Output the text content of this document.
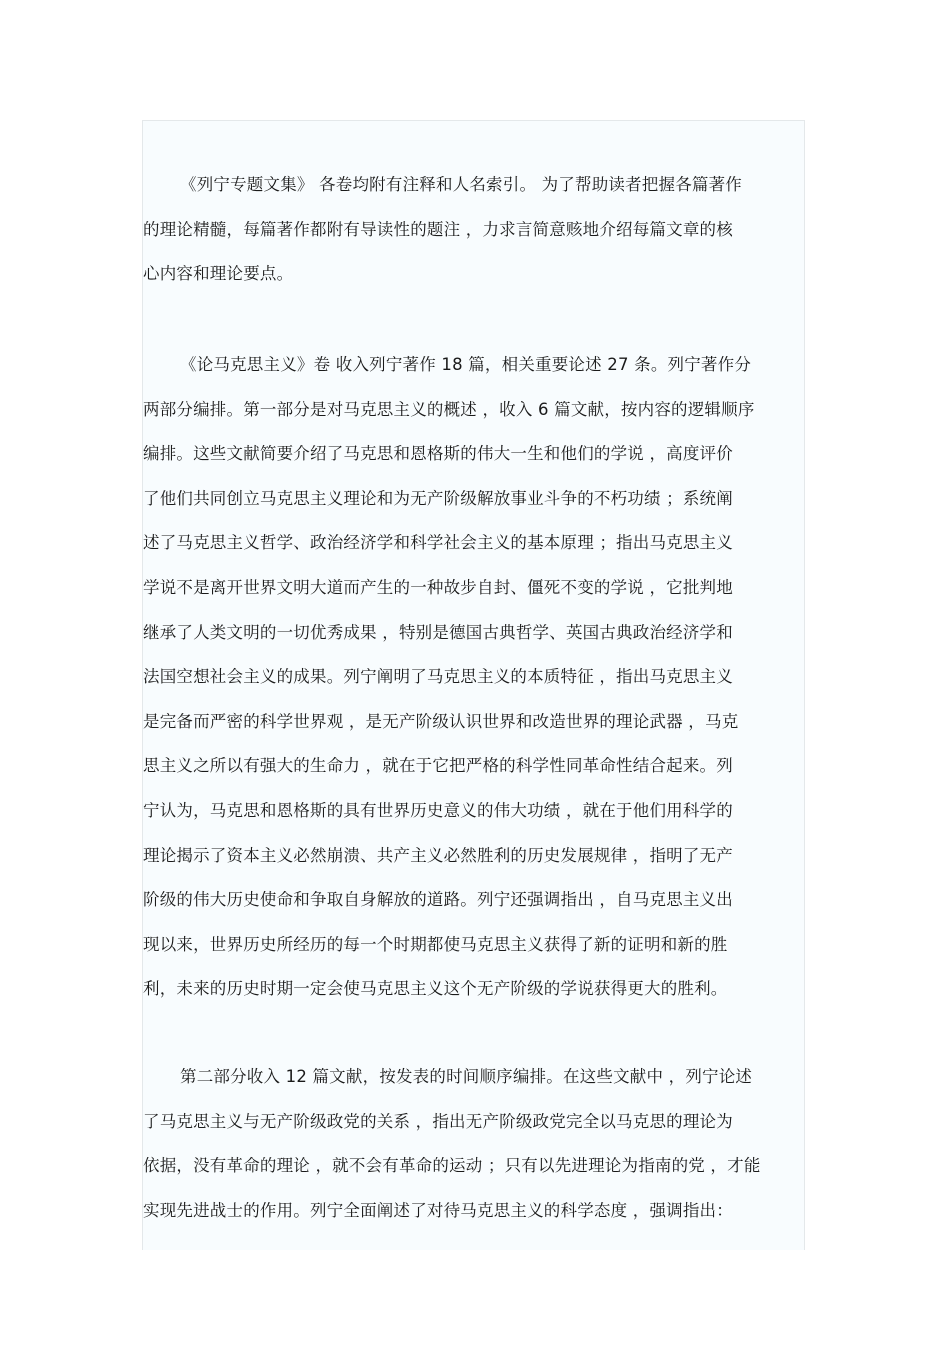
《列宁专题文集》 各卷均附有注释和人名索引。 为了帮助读者把握各篇著作
的理论精髓，每篇著作都附有导读性的题注 ，力求言简意赅地介绍每篇文章的核
心内容和理论要点。

《论马克思主义》卷 收入列宁著作 18 篇，相关重要论述 27 条。列宁著作分
两部分编排。第一部分是对马克思主义的概述 ，收入 6 篇文献，按内容的逻辑顺序
编排。这些文献简要介绍了马克思和恩格斯的伟大一生和他们的学说 ，高度评价
了他们共同创立马克思主义理论和为无产阶级解放事业斗争的不朽功绩 ；系统阐
述了马克思主义哲学、政治经济学和科学社会主义的基本原理 ；指出马克思主义
学说不是离开世界文明大道而产生的一种故步自封、僵死不变的学说 ，它批判地
继承了人类文明的一切优秀成果 ，特别是德国古典哲学、英国古典政治经济学和
法国空想社会主义的成果。列宁阐明了马克思主义的本质特征 ，指出马克思主义
是完备而严密的科学世界观 ，是无产阶级认识世界和改造世界的理论武器 ，马克
思主义之所以有强大的生命力 ，就在于它把严格的科学性同革命性结合起来。列
宁认为，马克思和恩格斯的具有世界历史意义的伟大功绩 ，就在于他们用科学的
理论揭示了资本主义必然崩溃、共产主义必然胜利的历史发展规律 ，指明了无产
阶级的伟大历史使命和争取自身解放的道路。列宁还强调指出 ，自马克思主义出
现以来，世界历史所经历的每一个时期都使马克思主义获得了新的证明和新的胜
利，未来的历史时期一定会使马克思主义这个无产阶级的学说获得更大的胜利。

第二部分收入 12 篇文献，按发表的时间顺序编排。在这些文献中 ，列宁论述
了马克思主义与无产阶级政党的关系 ，指出无产阶级政党完全以马克思的理论为
依据，没有革命的理论 ，就不会有革命的运动 ；只有以先进理论为指南的党 ，才能
实现先进战士的作用。列宁全面阐述了对待马克思主义的科学态度 ，强调指出：
